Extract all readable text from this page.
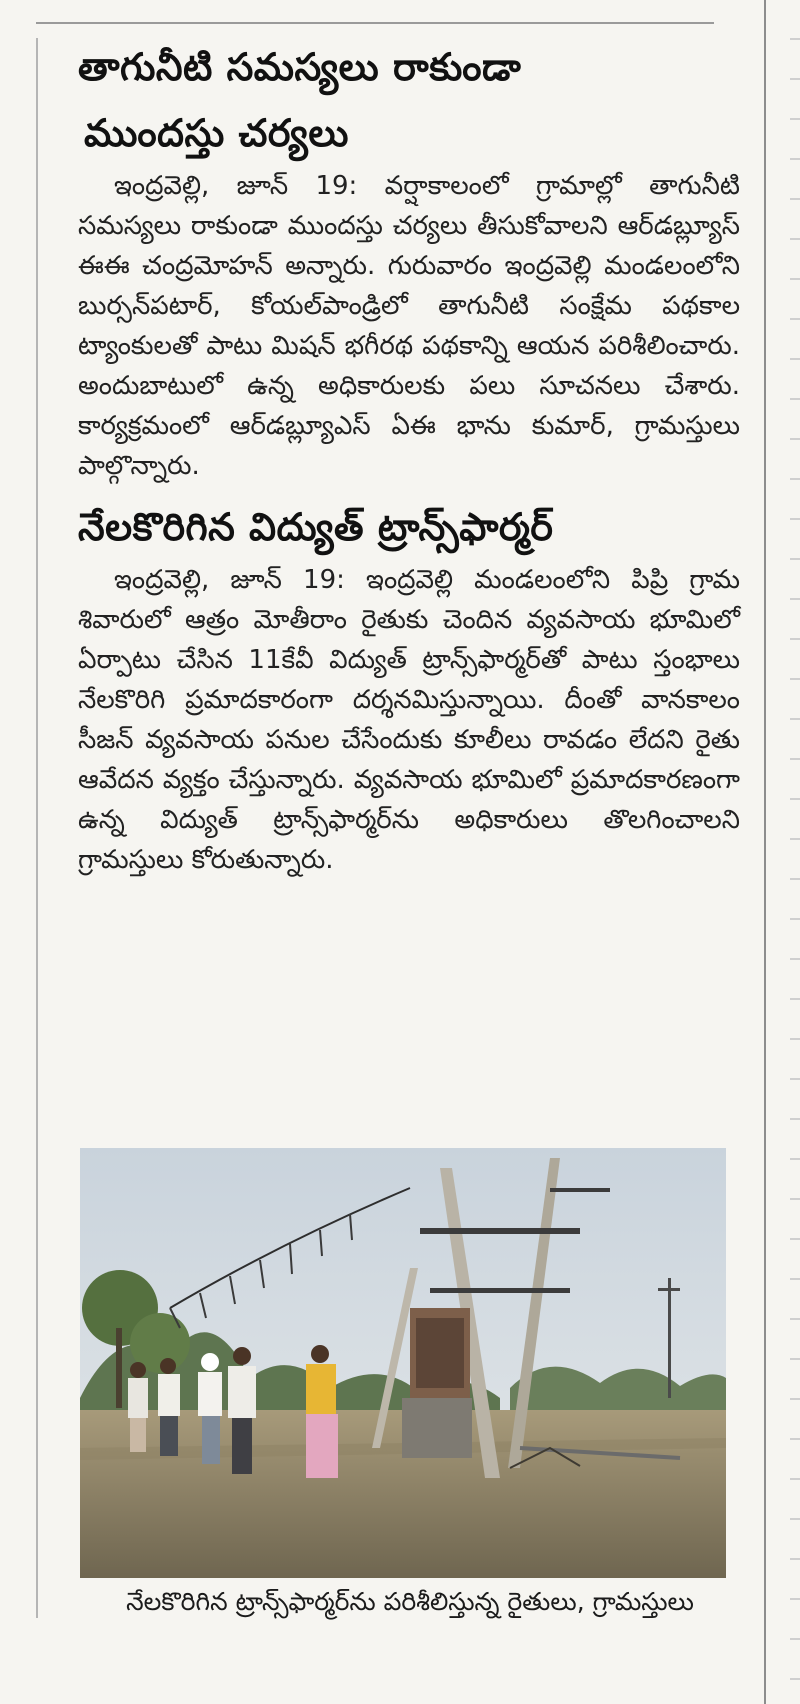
తాగునీటి సమస్యలు రాకుండా
ముందస్తు చర్యలు

ఇంద్రవెల్లి, జూన్ 19: వర్షాకాలంలో గ్రామాల్లో తాగునీటి సమస్యలు రాకుండా ముందస్తు చర్యలు తీసుకోవాలని ఆర్‌డబ్ల్యూస్ ఈఈ చంద్రమోహన్ అన్నారు. గురువారం ఇంద్రవెల్లి మండలంలోని బుర్సన్‌పటార్, కోయల్‌పాండ్రిలో తాగునీటి సంక్షేమ పథకాల ట్యాంకులతో పాటు మిషన్ భగీరథ పథకాన్ని ఆయన పరిశీలించారు. అందుబాటులో ఉన్న అధికారులకు పలు సూచనలు చేశారు. కార్యక్రమంలో ఆర్‌డబ్ల్యూఎస్ ఏఈ భాను కుమార్, గ్రామస్తులు పాల్గొన్నారు.

నేలకొరిగిన విద్యుత్ ట్రాన్స్‌ఫార్మర్

ఇంద్రవెల్లి, జూన్ 19: ఇంద్రవెల్లి మండలంలోని పిప్రి గ్రామ శివారులో ఆత్రం మోతీరాం రైతుకు చెందిన వ్యవసాయ భూమిలో ఏర్పాటు చేసిన 11కేవీ విద్యుత్ ట్రాన్స్‌ఫార్మర్‌తో పాటు స్తంభాలు నేలకొరిగి ప్రమాదకారంగా దర్శనమిస్తున్నాయి. దీంతో వానకాలం సీజన్ వ్యవసాయ పనుల చేసేందుకు కూలీలు రావడం లేదని రైతు ఆవేదన వ్యక్తం చేస్తున్నారు. వ్యవసాయ భూమిలో ప్రమాదకారణంగా ఉన్న విద్యుత్ ట్రాన్స్‌ఫార్మర్‌ను అధికారులు తొలగించాలని గ్రామస్తులు కోరుతున్నారు.

నేలకొరిగిన ట్రాన్స్‌ఫార్మర్‌ను పరిశీలిస్తున్న రైతులు, గ్రామస్తులు
